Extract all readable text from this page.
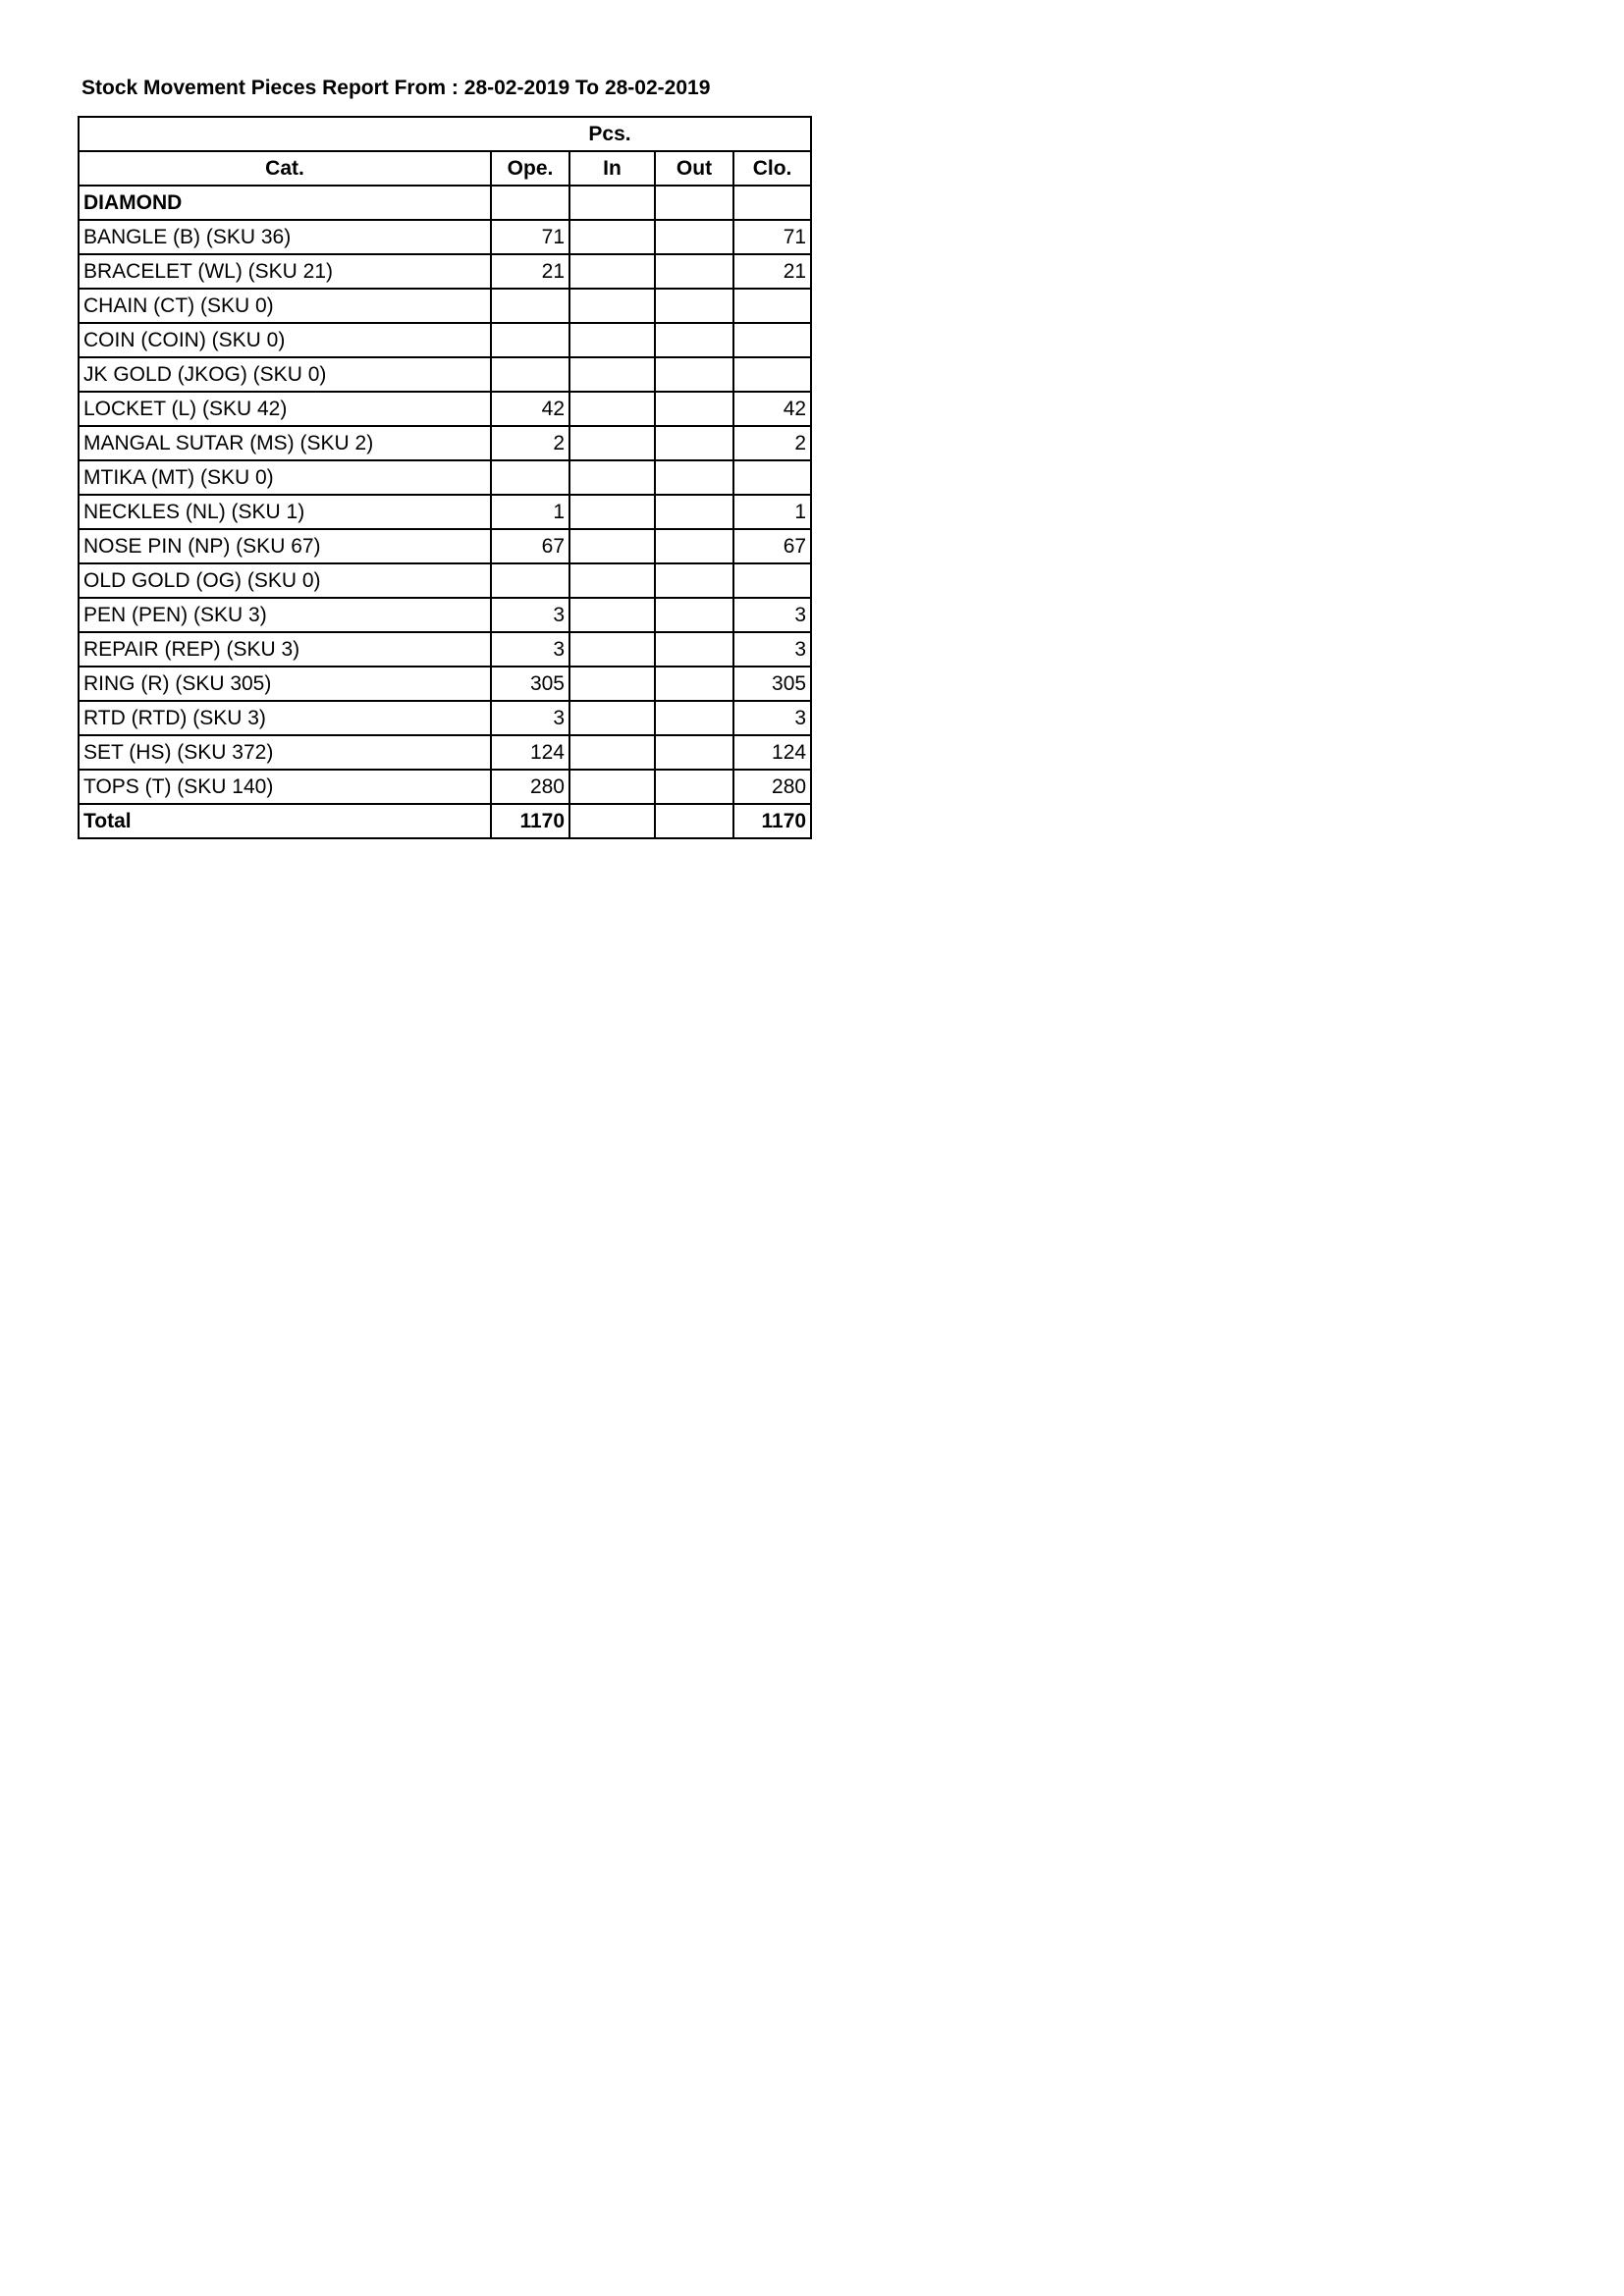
Stock Movement Pieces Report From : 28-02-2019 To 28-02-2019
Pcs.				
Cat.	Ope.	In	Out	Clo.
DIAMOND				
BANGLE (B) (SKU 36)	71			71
BRACELET (WL) (SKU 21)	21			21
CHAIN (CT) (SKU 0)				
COIN (COIN) (SKU 0)				
JK GOLD (JKOG) (SKU 0)				
LOCKET (L) (SKU 42)	42			42
MANGAL SUTAR (MS) (SKU 2)	2			2
MTIKA (MT) (SKU 0)				
NECKLES (NL) (SKU 1)	1			1
NOSE PIN (NP) (SKU 67)	67			67
OLD GOLD (OG) (SKU 0)				
PEN (PEN) (SKU 3)	3			3
REPAIR (REP) (SKU 3)	3			3
RING (R) (SKU 305)	305			305
RTD (RTD) (SKU 3)	3			3
SET (HS) (SKU 372)	124			124
TOPS (T) (SKU 140)	280			280
Total	1170			1170
